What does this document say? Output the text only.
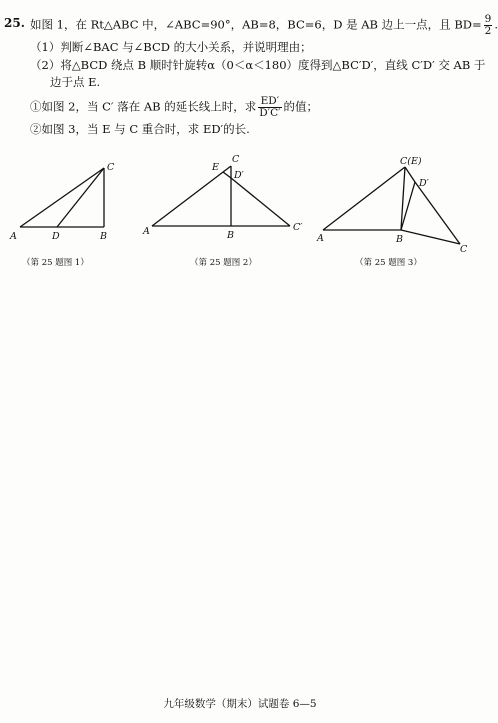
25. 如图 1，在 Rt△ABC 中，∠ABC=90°，AB=8，BC=6，D 是 AB 边上一点，且 $BD= \frac{9}{2}$ .
（1）判断∠BAC 与∠BCD 的大小关系，并说明理由；
（2）将△BCD 绕点 B 顺时针旋转α（0＜α＜180）度得到△BC′D′，直线 C′D′ 交 AB 于
边于点 E.
①如图 2，当 C′ 落在 AB 的延长线上时，求 $\frac{ED'}{D'C'}$ 的值；
②如图 3，当 E 与 C 重合时，求 ED′的长.
A	D	B
C
（第 25 题图 1）
A	B
C′
E
C
D′
（第 25 题图 2）
C(E)
D′
A	B
C
（第 25 题图 3）
九年级数学（期末）试题卷 6—5
